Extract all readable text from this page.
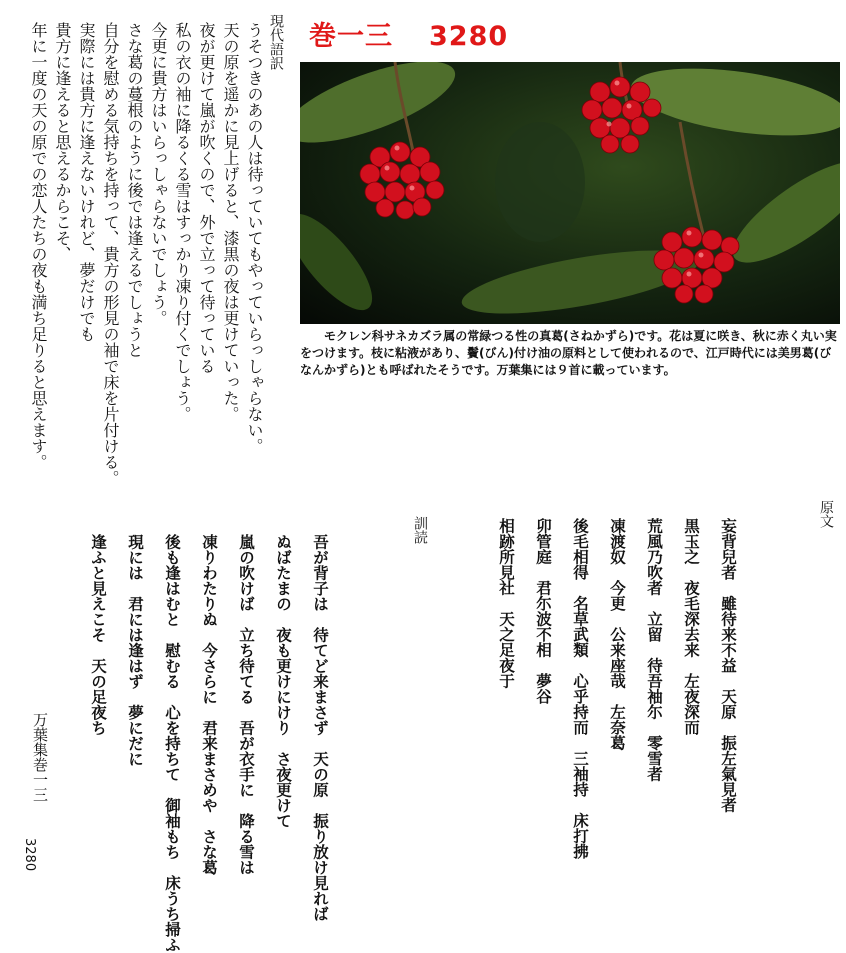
巻一三 3280
現代語訳
うそつきのあの人は待っていてもやっていらっしゃらない。
天の原を遥かに見上げると、漆黒の夜は更けていった。
夜が更けて嵐が吹くので、外で立って待っている
私の衣の袖に降るくる雪はすっかり凍り付くでしょう。
今更に貴方はいらっしゃらないでしょう。
さな葛の蔓根のように後では逢えるでしょうと
自分を慰める気持ちを持って、貴方の形見の袖で床を片付ける。
実際には貴方に逢えないけれど、夢だけでも
貴方に逢えると思えるからこそ、
年に一度の天の原での恋人たちの夜も満ち足りると思えます。	モクレン科サネカズラ属の常緑つる性の真葛(さねかずら)です。花は夏に咲き、秋に赤く丸い実をつけます。枝に粘液があり、鬢(びん)付け油の原料として使われるので、江戸時代には美男葛(びなんかずら)とも呼ばれたそうです。万葉集には９首に載っています。

原文
妄背兒者　雖待来不益　天原　振左氣見者
黒玉之　夜毛深去来　左夜深而
荒風乃吹者　立留　待吾袖尓　零雪者
凍渡奴　今更　公来座哉　左奈葛
後毛相得　名草武類　心乎持而　三袖持　床打拂
卯管庭　君尓波不相　夢谷
相跡所見社　天之足夜于
訓読
吾が背子は　待てど来まさず　天の原　振り放け見れば
ぬばたまの　夜も更けにけり　さ夜更けて
嵐の吹けば　立ち待てる　吾が衣手に　降る雪は
凍りわたりぬ　今さらに　君来まさめや　さな葛
後も逢はむと　慰むる　心を持ちて　御袖もち　床うち掃ふ
現には　君には逢はず　夢にだに
逢ふと見えこそ　天の足夜ち
万葉集巻一三
3280
